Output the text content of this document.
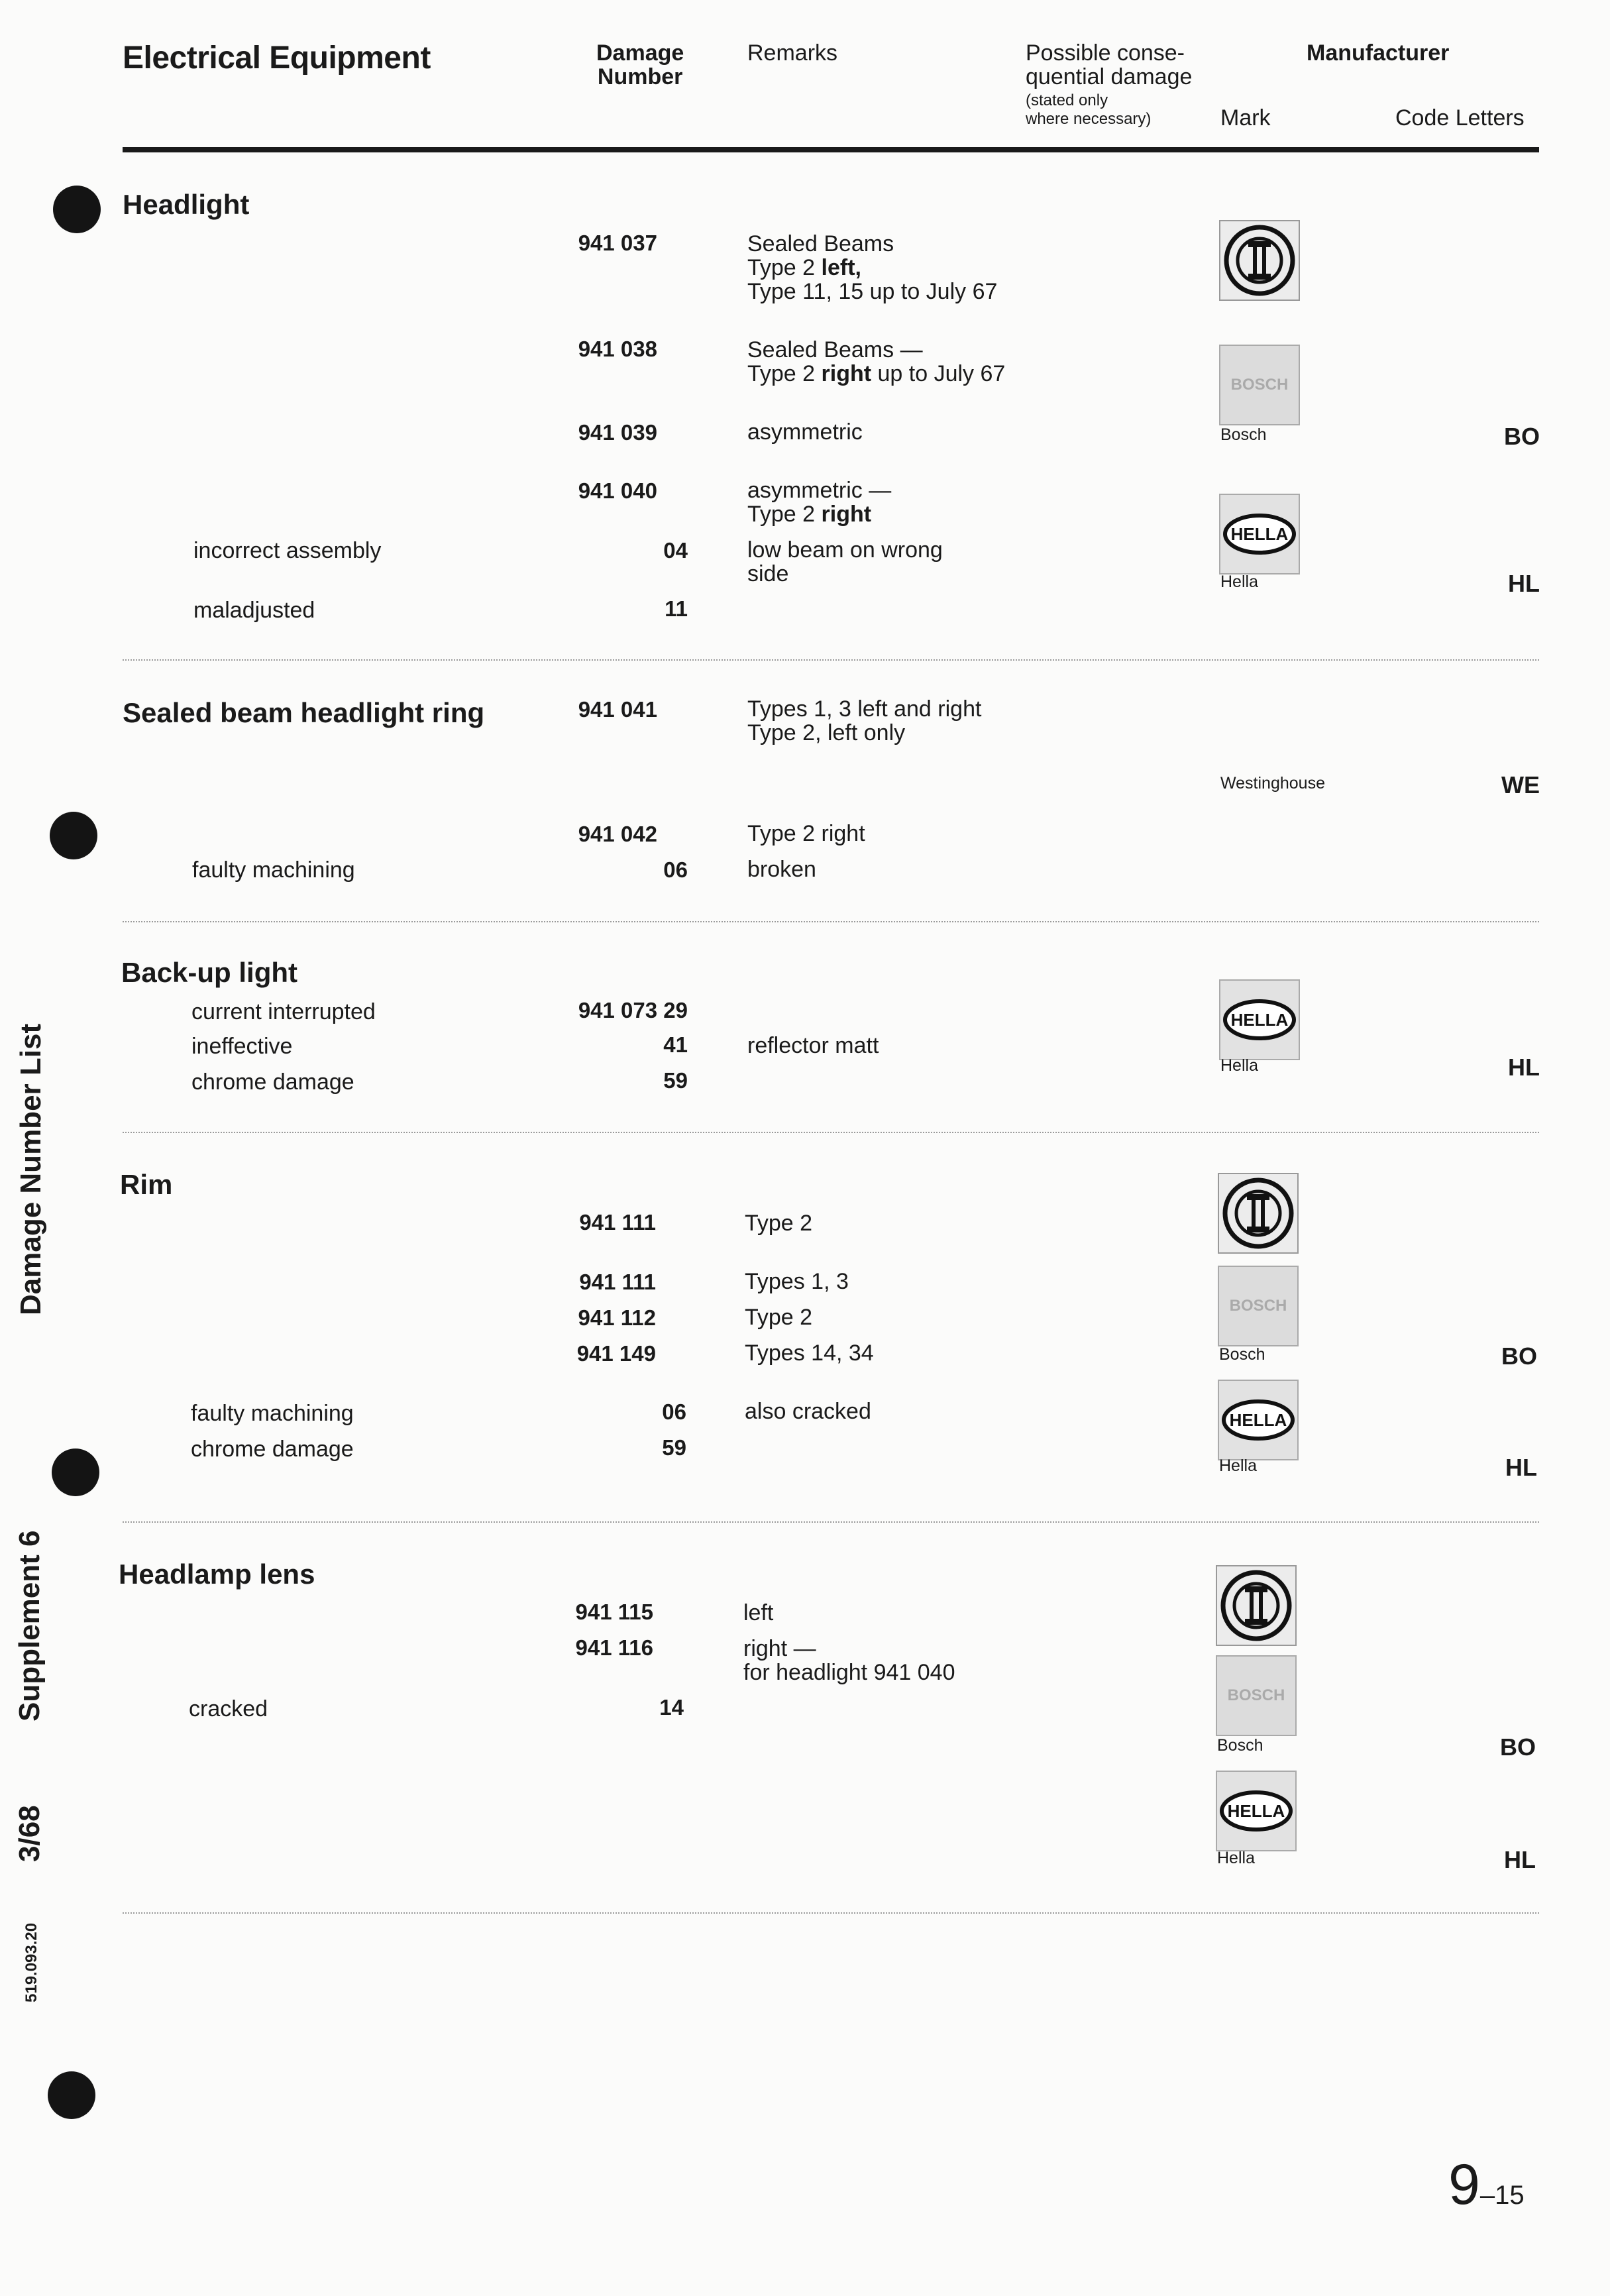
Electrical Equipment	Damage
Number
Remarks	Possible conse-
quential damage
(stated only
where necessary)
Manufacturer
Mark	Code Letters
Headlight
941 037	Sealed Beams
Type 2 left,
Type 11, 15 up to July 67
941 038	Sealed Beams —
Type 2 right up to July 67
941 039	asymmetric
941 040	asymmetric —
Type 2 right
incorrect assembly	04	low beam on wrong
side
maladjusted	11
BOSCH
Bosch	BO
HELLA
Hella	HL
Sealed beam headlight ring	941 041	Types 1, 3 left and right
Type 2, left only
Westinghouse	WE
941 042	Type 2 right
faulty machining	06	broken
Back-up light
current interrupted	941 073 29
ineffective	41	reflector matt
chrome damage	59
HELLA
Hella	HL
Rim
941 111	Type 2
941 111	Types 1, 3
941 112	Type 2
941 149	Types 14, 34
faulty machining	06	also cracked
chrome damage	59
BOSCH
Bosch	BO
HELLA
Hella	HL
Headlamp lens
941 115	left
941 116	right —
for headlight 941 040
cracked	14	BOSCH
Bosch	BO
HELLA
Hella	HL
Damage Number List
Supplement 6
3/68
519.093.20
9–15
